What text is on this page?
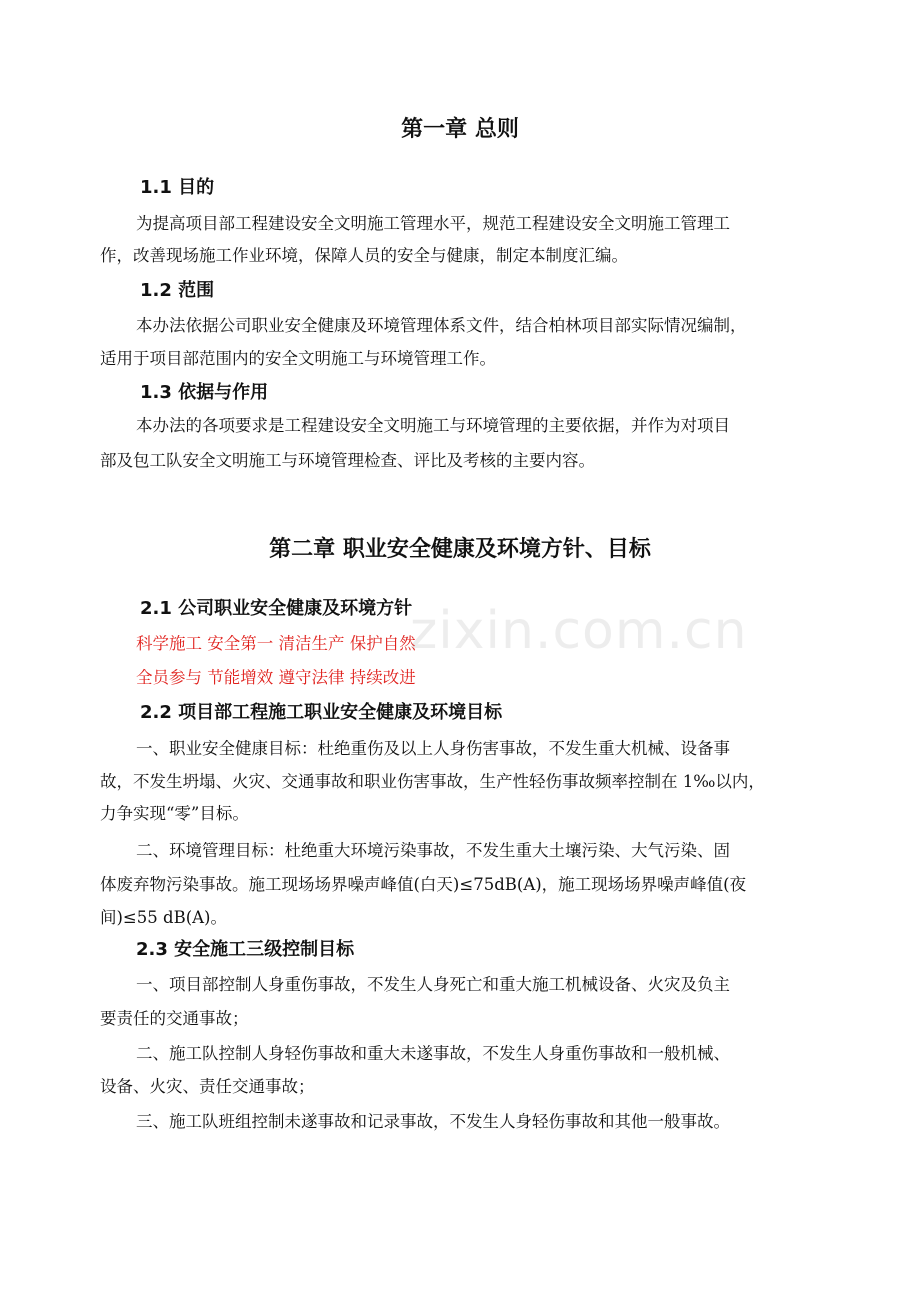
第一章 总则
1.1 目的

为提高项目部工程建设安全文明施工管理水平，规范工程建设安全文明施工管理工

作，改善现场施工作业环境，保障人员的安全与健康，制定本制度汇编。

1.2 范围

本办法依据公司职业安全健康及环境管理体系文件，结合柏林项目部实际情况编制，

适用于项目部范围内的安全文明施工与环境管理工作。

1.3 依据与作用

本办法的各项要求是工程建设安全文明施工与环境管理的主要依据，并作为对项目

部及包工队安全文明施工与环境管理检查、评比及考核的主要内容。

第二章 职业安全健康及环境方针、目标
2.1 公司职业安全健康及环境方针

科学施工 安全第一 清洁生产 保护自然

全员参与 节能增效 遵守法律 持续改进

2.2 项目部工程施工职业安全健康及环境目标

一、职业安全健康目标：杜绝重伤及以上人身伤害事故，不发生重大机械、设备事

故，不发生坍塌、火灾、交通事故和职业伤害事故，生产性轻伤事故频率控制在 1‰以内，

力争实现“零”目标。

二、环境管理目标：杜绝重大环境污染事故，不发生重大土壤污染、大气污染、固

体废弃物污染事故。施工现场场界噪声峰值(白天)≤75dB(A)，施工现场场界噪声峰值(夜

间)≤55 dB(A)。

2.3 安全施工三级控制目标

一、项目部控制人身重伤事故，不发生人身死亡和重大施工机械设备、火灾及负主

要责任的交通事故；

二、施工队控制人身轻伤事故和重大未遂事故，不发生人身重伤事故和一般机械、

设备、火灾、责任交通事故；

三、施工队班组控制未遂事故和记录事故，不发生人身轻伤事故和其他一般事故。

zixin.com.cn
